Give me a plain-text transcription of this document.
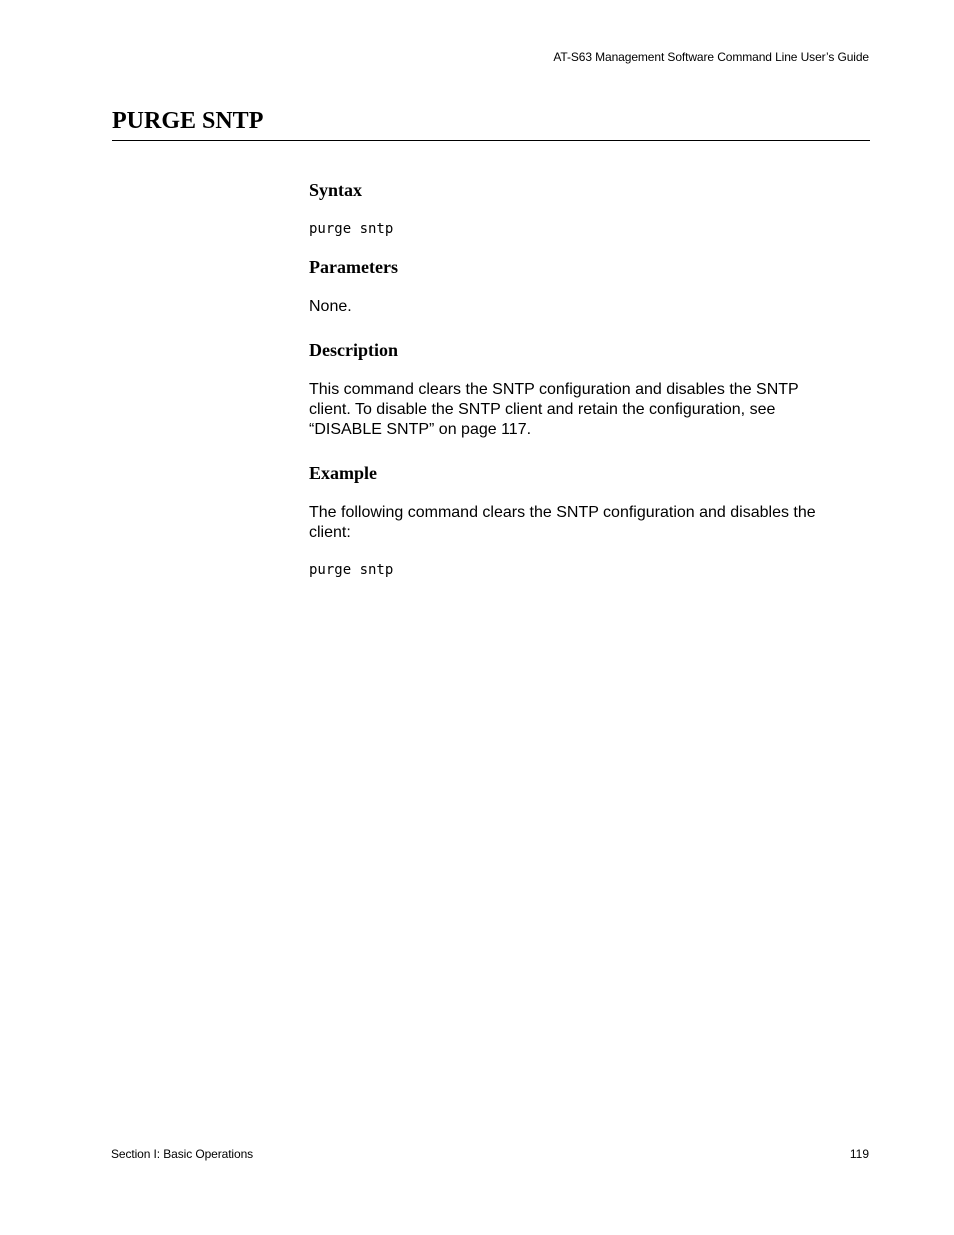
AT-S63 Management Software Command Line User’s Guide
PURGE SNTP
Syntax
purge sntp
Parameters

None.

Description

This command clears the SNTP configuration and disables the SNTP
client. To disable the SNTP client and retain the configuration, see
“DISABLE SNTP” on page 117.

Example

The following command clears the SNTP configuration and disables the
client:

purge sntp
Section I: Basic Operations	119
